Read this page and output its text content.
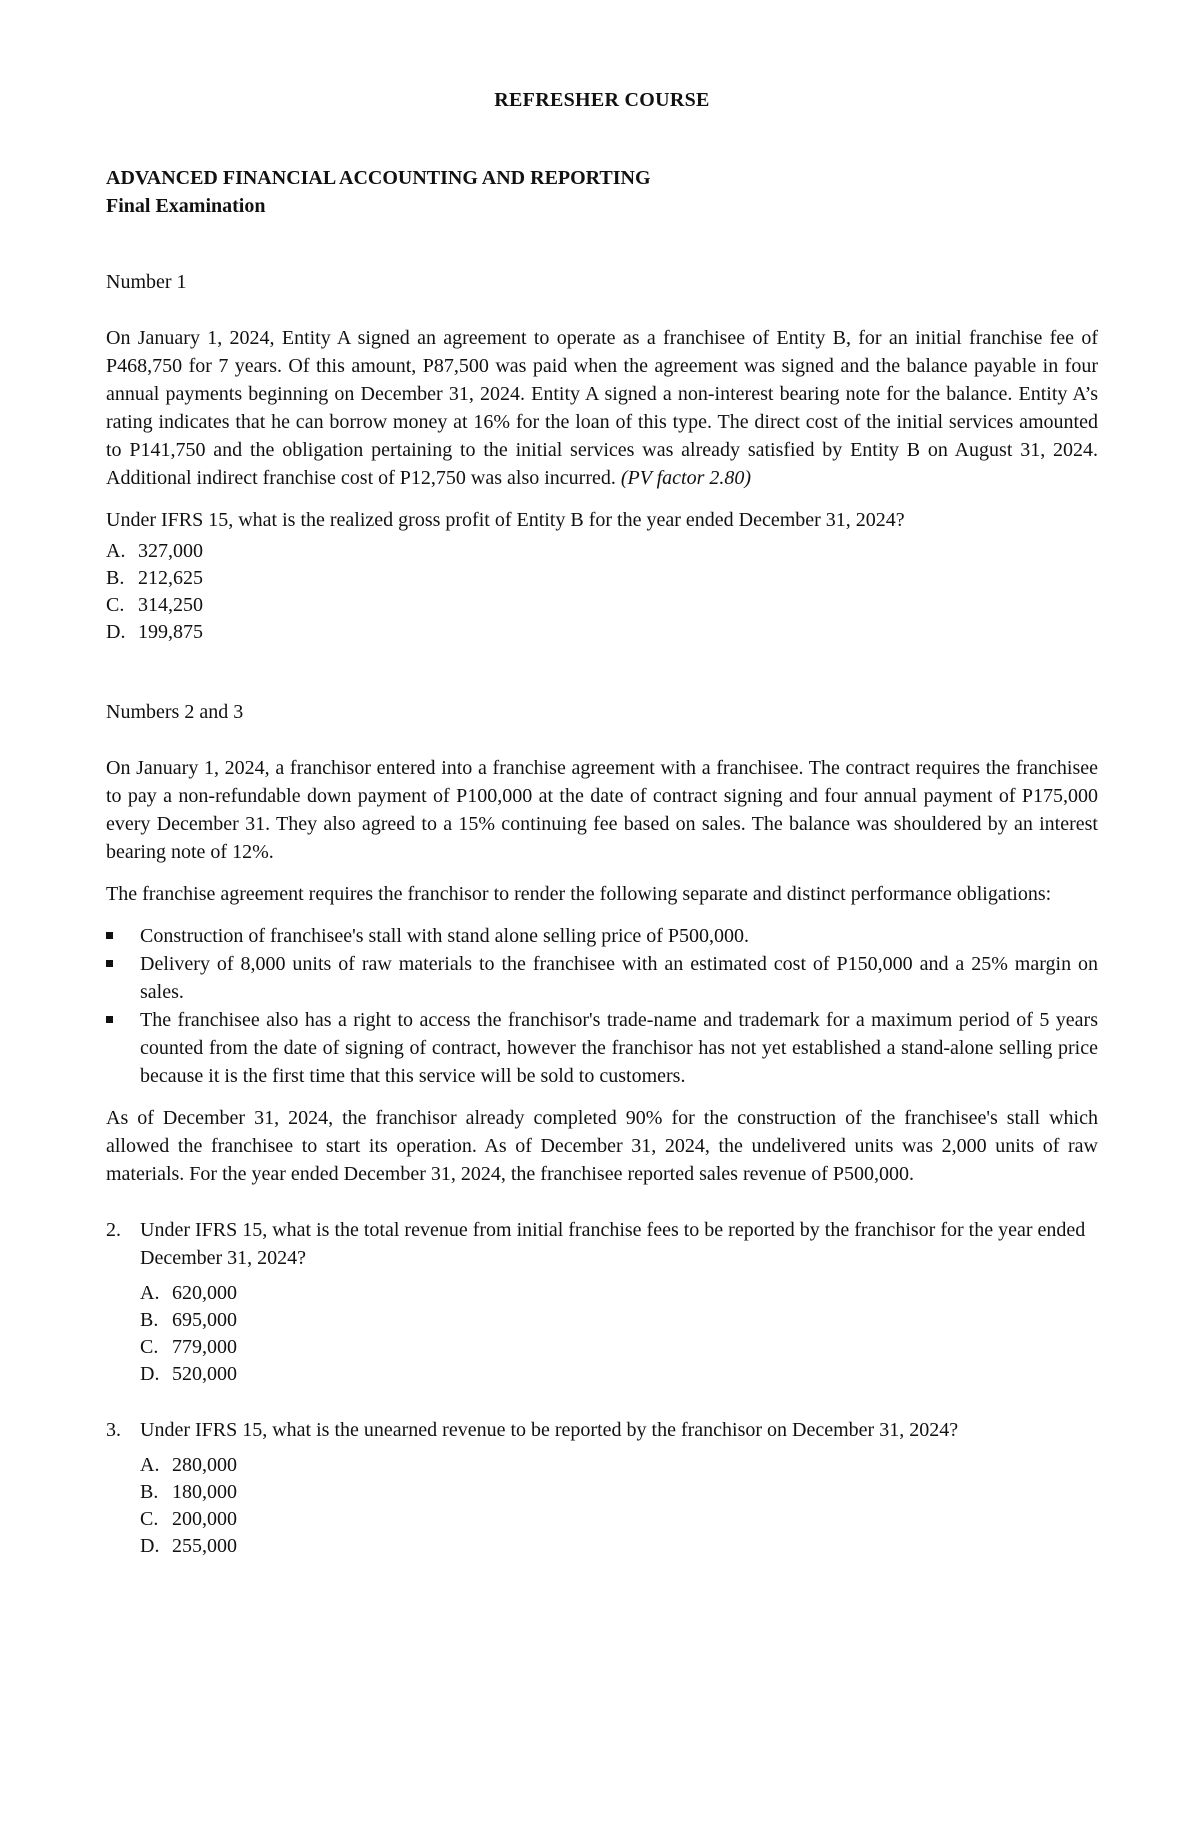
REFRESHER COURSE
ADVANCED FINANCIAL ACCOUNTING AND REPORTING
Final Examination
Number 1

On January 1, 2024, Entity A signed an agreement to operate as a franchisee of Entity B, for an initial franchise fee of P468,750 for 7 years. Of this amount, P87,500 was paid when the agreement was signed and the balance payable in four annual payments beginning on December 31, 2024. Entity A signed a non-interest bearing note for the balance. Entity A’s rating indicates that he can borrow money at 16% for the loan of this type. The direct cost of the initial services amounted to P141,750 and the obligation pertaining to the initial services was already satisfied by Entity B on August 31, 2024. Additional indirect franchise cost of P12,750 was also incurred. (PV factor 2.80)

Under IFRS 15, what is the realized gross profit of Entity B for the year ended December 31, 2024?
A. 327,000
B. 212,625
C. 314,250
D. 199,875
Numbers 2 and 3

On January 1, 2024, a franchisor entered into a franchise agreement with a franchisee. The contract requires the franchisee to pay a non-refundable down payment of P100,000 at the date of contract signing and four annual payment of P175,000 every December 31. They also agreed to a 15% continuing fee based on sales. The balance was shouldered by an interest bearing note of 12%.

The franchise agreement requires the franchisor to render the following separate and distinct performance obligations:

Construction of franchisee's stall with stand alone selling price of P500,000.
Delivery of 8,000 units of raw materials to the franchisee with an estimated cost of P150,000 and a 25% margin on sales.
The franchisee also has a right to access the franchisor's trade-name and trademark for a maximum period of 5 years counted from the date of signing of contract, however the franchisor has not yet established a stand-alone selling price because it is the first time that this service will be sold to customers.

As of December 31, 2024, the franchisor already completed 90% for the construction of the franchisee's stall which allowed the franchisee to start its operation. As of December 31, 2024, the undelivered units was 2,000 units of raw materials. For the year ended December 31, 2024, the franchisee reported sales revenue of P500,000.

2. Under IFRS 15, what is the total revenue from initial franchise fees to be reported by the franchisor for the year ended December 31, 2024?
A. 620,000
B. 695,000
C. 779,000
D. 520,000
3. Under IFRS 15, what is the unearned revenue to be reported by the franchisor on December 31, 2024?
A. 280,000
B. 180,000
C. 200,000
D. 255,000
